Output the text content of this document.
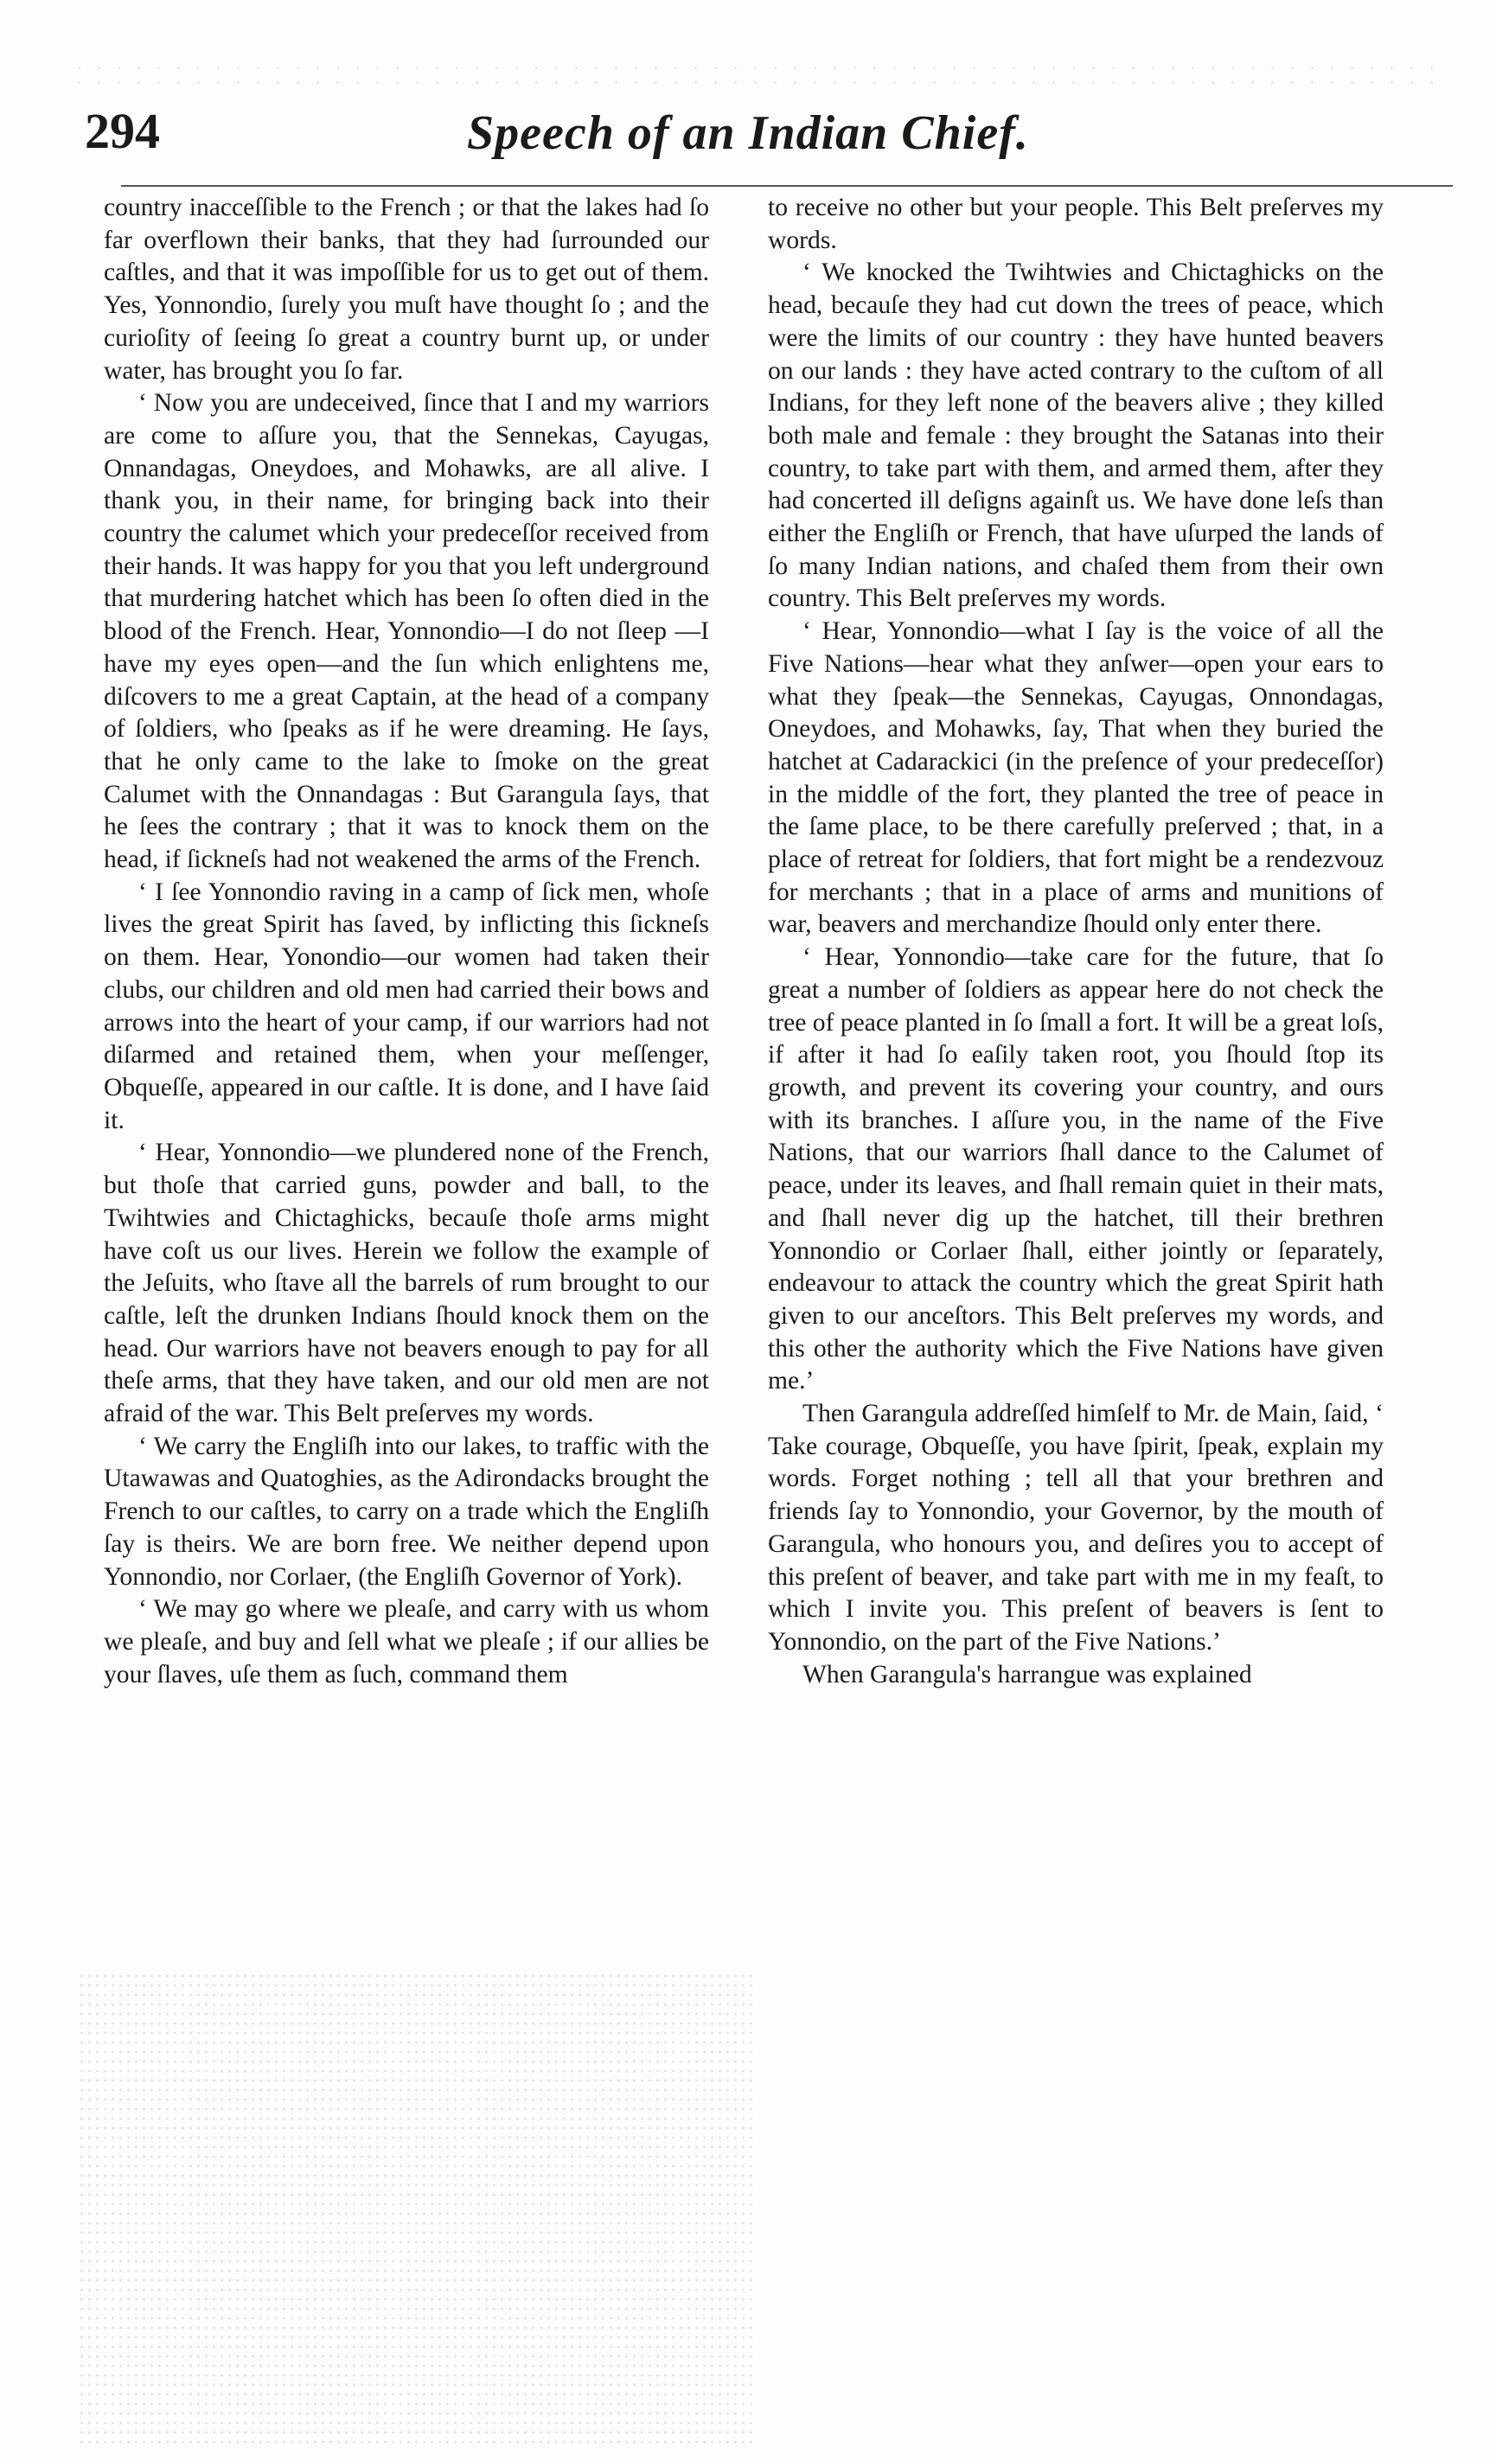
294	Speech of an Indian Chief.

country inacceſſible to the French ; or that the lakes had ſo far overflown their banks, that they had ſurrounded our caſtles, and that it was impoſſible for us to get out of them. Yes, Yonnondio, ſurely you muſt have thought ſo ; and the curioſity of ſeeing ſo great a country burnt up, or under water, has brought you ſo far.

‘ Now you are undeceived, ſince that I and my warriors are come to aſſure you, that the Sennekas, Cayugas, Onnandagas, Oneydoes, and Mohawks, are all alive. I thank you, in their name, for bringing back into their country the calumet which your predeceſſor received from their hands. It was happy for you that you left underground that murdering hatchet which has been ſo often died in the blood of the French. Hear, Yonnondio—I do not ſleep —I have my eyes open—and the ſun which enlightens me, diſcovers to me a great Captain, at the head of a company of ſoldiers, who ſpeaks as if he were dreaming. He ſays, that he only came to the lake to ſmoke on the great Calumet with the Onnandagas : But Garangula ſays, that he ſees the contrary ; that it was to knock them on the head, if ſickneſs had not weakened the arms of the French.

‘ I ſee Yonnondio raving in a camp of ſick men, whoſe lives the great Spirit has ſaved, by inflicting this ſickneſs on them. Hear, Yonondio—our women had taken their clubs, our children and old men had carried their bows and arrows into the heart of your camp, if our warriors had not diſarmed and retained them, when your meſſenger, Obqueſſe, appeared in our caſtle. It is done, and I have ſaid it.

‘ Hear, Yonnondio—we plundered none of the French, but thoſe that carried guns, powder and ball, to the Twihtwies and Chictaghicks, becauſe thoſe arms might have coſt us our lives. Herein we follow the example of the Jeſuits, who ſtave all the barrels of rum brought to our caſtle, leſt the drunken Indians ſhould knock them on the head. Our warriors have not beavers enough to pay for all theſe arms, that they have taken, and our old men are not afraid of the war. This Belt preſerves my words.

‘ We carry the Engliſh into our lakes, to traffic with the Utawawas and Quatoghies, as the Adirondacks brought the French to our caſtles, to carry on a trade which the Engliſh ſay is theirs. We are born free. We neither depend upon Yonnondio, nor Corlaer, (the Engliſh Governor of York).

‘ We may go where we pleaſe, and carry with us whom we pleaſe, and buy and ſell what we pleaſe ; if our allies be your ſlaves, uſe them as ſuch, command them

to receive no other but your people. This Belt preſerves my words.

‘ We knocked the Twihtwies and Chictaghicks on the head, becauſe they had cut down the trees of peace, which were the limits of our country : they have hunted beavers on our lands : they have acted contrary to the cuſtom of all Indians, for they left none of the beavers alive ; they killed both male and female : they brought the Satanas into their country, to take part with them, and armed them, after they had concerted ill deſigns againſt us. We have done leſs than either the Engliſh or French, that have uſurped the lands of ſo many Indian nations, and chaſed them from their own country. This Belt preſerves my words.

‘ Hear, Yonnondio—what I ſay is the voice of all the Five Nations—hear what they anſwer—open your ears to what they ſpeak—the Sennekas, Cayugas, Onnondagas, Oneydoes, and Mohawks, ſay, That when they buried the hatchet at Cadarackici (in the preſence of your predeceſſor) in the middle of the fort, they planted the tree of peace in the ſame place, to be there carefully preſerved ; that, in a place of retreat for ſoldiers, that fort might be a rendezvouz for merchants ; that in a place of arms and munitions of war, beavers and merchandize ſhould only enter there.

‘ Hear, Yonnondio—take care for the future, that ſo great a number of ſoldiers as appear here do not check the tree of peace planted in ſo ſmall a fort. It will be a great loſs, if after it had ſo eaſily taken root, you ſhould ſtop its growth, and prevent its covering your country, and ours with its branches. I aſſure you, in the name of the Five Nations, that our warriors ſhall dance to the Calumet of peace, under its leaves, and ſhall remain quiet in their mats, and ſhall never dig up the hatchet, till their brethren Yonnondio or Corlaer ſhall, either jointly or ſeparately, endeavour to attack the country which the great Spirit hath given to our anceſtors. This Belt preſerves my words, and this other the authority which the Five Nations have given me.’

Then Garangula addreſſed himſelf to Mr. de Main, ſaid, ‘ Take courage, Obqueſſe, you have ſpirit, ſpeak, explain my words. Forget nothing ; tell all that your brethren and friends ſay to Yonnondio, your Governor, by the mouth of Garangula, who honours you, and deſires you to accept of this preſent of beaver, and take part with me in my feaſt, to which I invite you. This preſent of beavers is ſent to Yonnondio, on the part of the Five Nations.’

When Garangula's harrangue was explained
